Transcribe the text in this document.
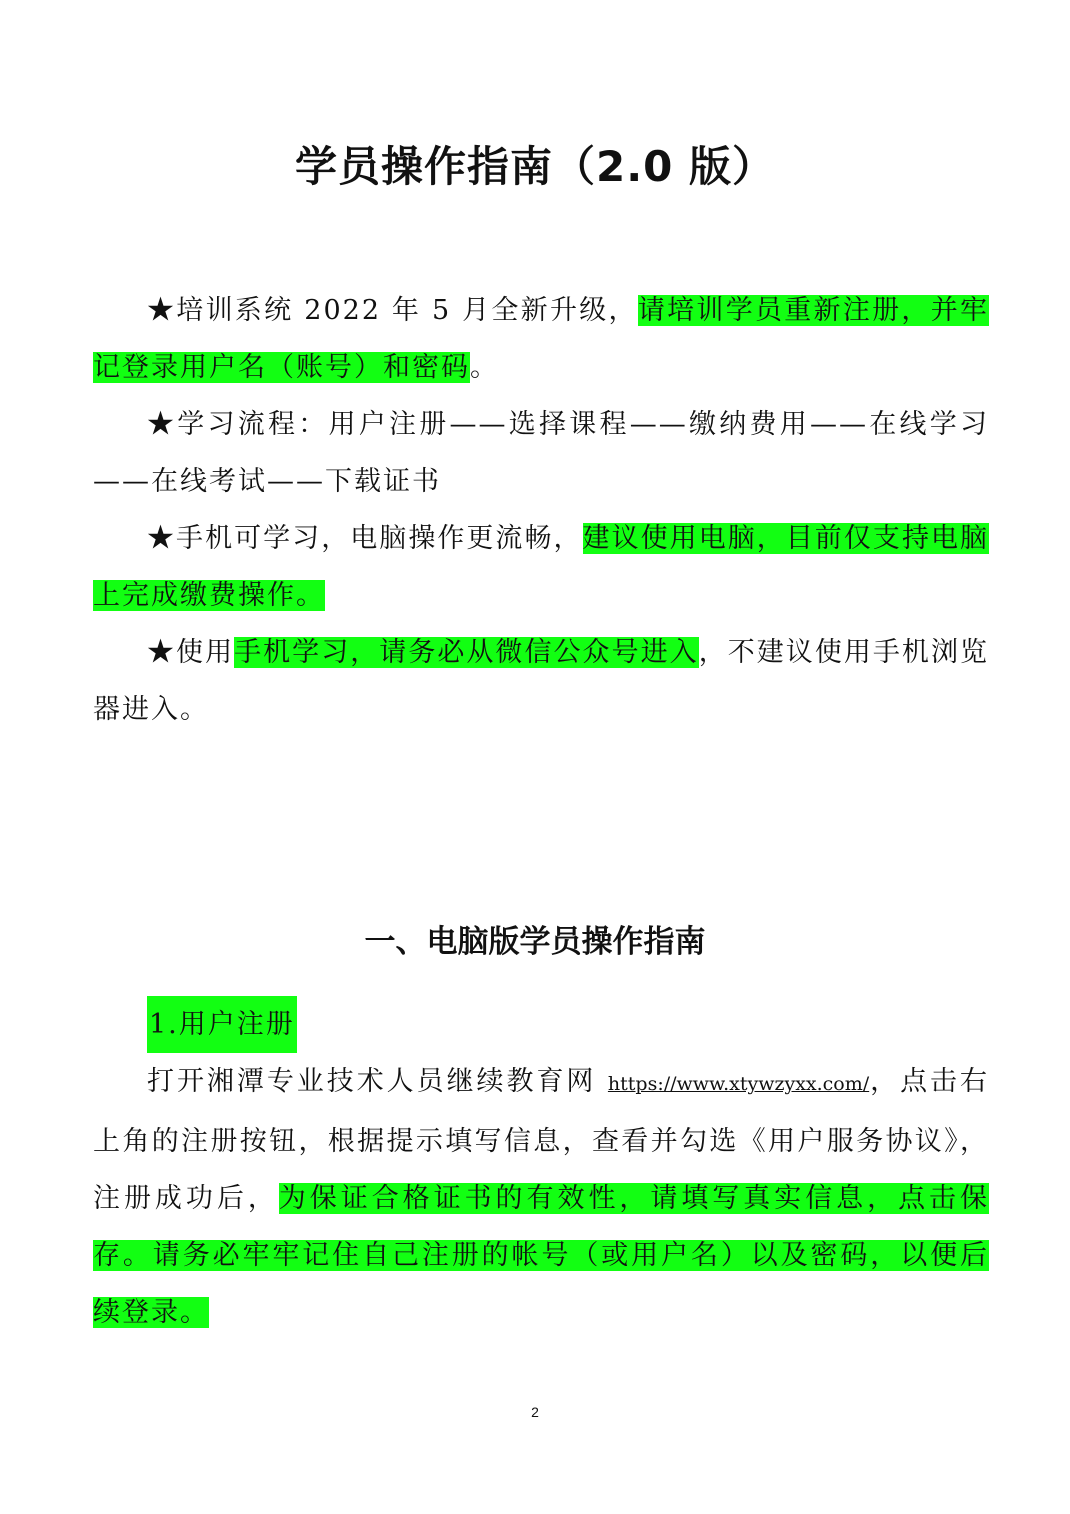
学员操作指南（2.0 版）

★培训系统 2022 年 5 月全新升级，请培训学员重新注册，并牢记登录用户名（账号）和密码。

★学习流程：用户注册——选择课程——缴纳费用——在线学习——在线考试——下载证书

★手机可学习，电脑操作更流畅，建议使用电脑，目前仅支持电脑上完成缴费操作。

★使用手机学习，请务必从微信公众号进入，不建议使用手机浏览器进入。

一、电脑版学员操作指南
1.用户注册

打开湘潭专业技术人员继续教育网 https://www.xtywzyxx.com/，点击右上角的注册按钮，根据提示填写信息，查看并勾选《用户服务协议》，注册成功后，为保证合格证书的有效性，请填写真实信息，点击保存。请务必牢牢记住自己注册的帐号（或用户名）以及密码，以便后续登录。

2
